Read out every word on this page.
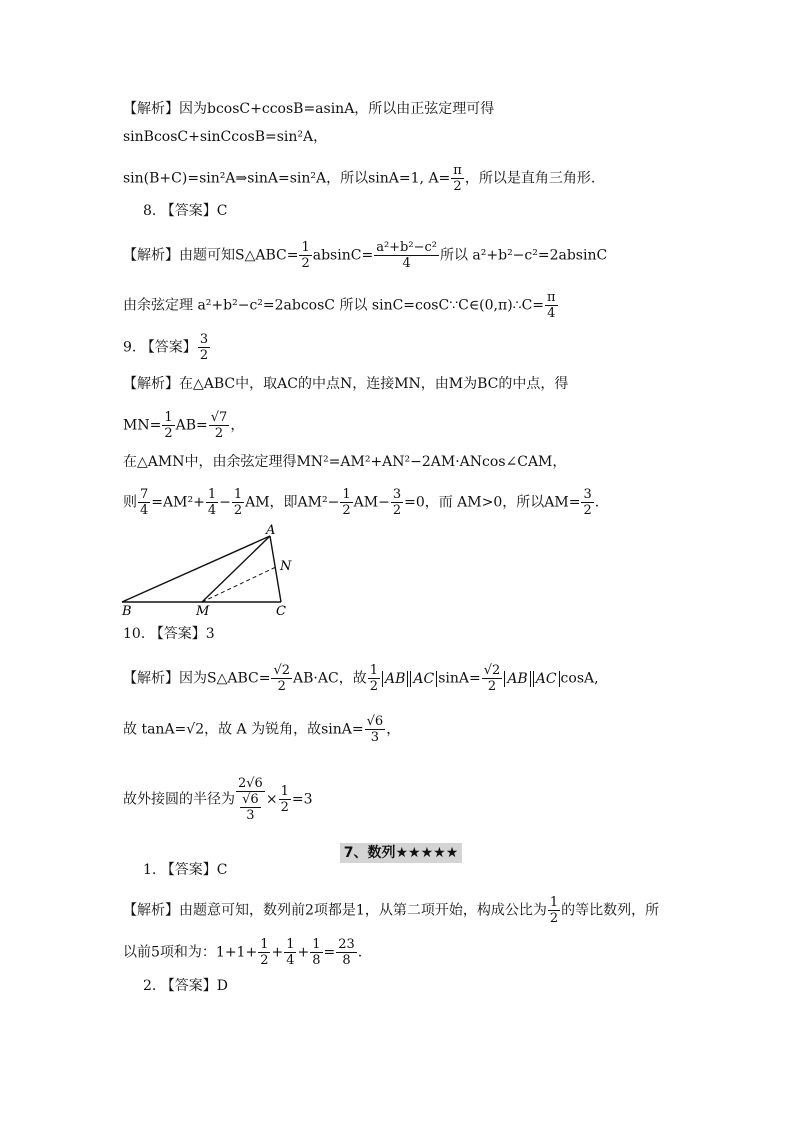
【解析】因为bcosC+ccosB=asinA，所以由正弦定理可得
sinBcosC+sinCcosB=sin²A，
sin(B+C)=sin²A⇒sinA=sin²A，所以sinA=1, $A= \frac{\pi}{2}$ ，所以是直角三角形.
8. 【答案】C
【解析】由题可知S△ABC= $\frac{1}{2} absinC= \frac{\text{a²+b²−c²}}{4}$ 所以 a²+b²−c²=2absinC
由余弦定理 a²+b²−c²=2abcosC 所以 sinC=cosC∵C∈(0,π)∴C= $\frac{\pi}{4}$
9. 【答案】 $\frac{3}{2}$
【解析】在△ABC中，取AC的中点N，连接MN，由M为BC的中点，得
$MN= \frac{1}{2} AB= \frac{√7}{2}$ ，
在△AMN中，由余弦定理得MN²=AM²+AN²−2AM·ANcos∠CAM，
则 $\frac{7}{4} =AM^2+ \frac{1}{4} - \frac{1}{2}$ AM，即$AM^2- \frac{1}{2} AM- \frac{3}{2} =0$，而 AM>0，所以$AM= \frac{3}{2}$ .
A
N
B	M	C
10. 【答案】3
【解析】因为S△ABC= $\frac{√2}{2} AB\cdot AC$，故 $\frac{1}{2}$ AB AC $\sin A= \frac{√2}{2}$ AB AC cosA,
故 tanA=√2，故 A 为锐角，故$\sin A= \frac{√6}{3}$ ，
故外接圆的半径为 $\frac{2√6}{\frac{√6}{3}} \times \frac{1}{2} =3$
7、数列★★★★★
1. 【答案】C
【解析】由题意可知，数列前2项都是1，从第二项开始，构成公比为 $\frac{1}{2}$ 的等比数列，所
以前5项和为：$1+1+ \frac{1}{2} + \frac{1}{4} + \frac{1}{8} = \frac{23}{8}$ .
2. 【答案】D
